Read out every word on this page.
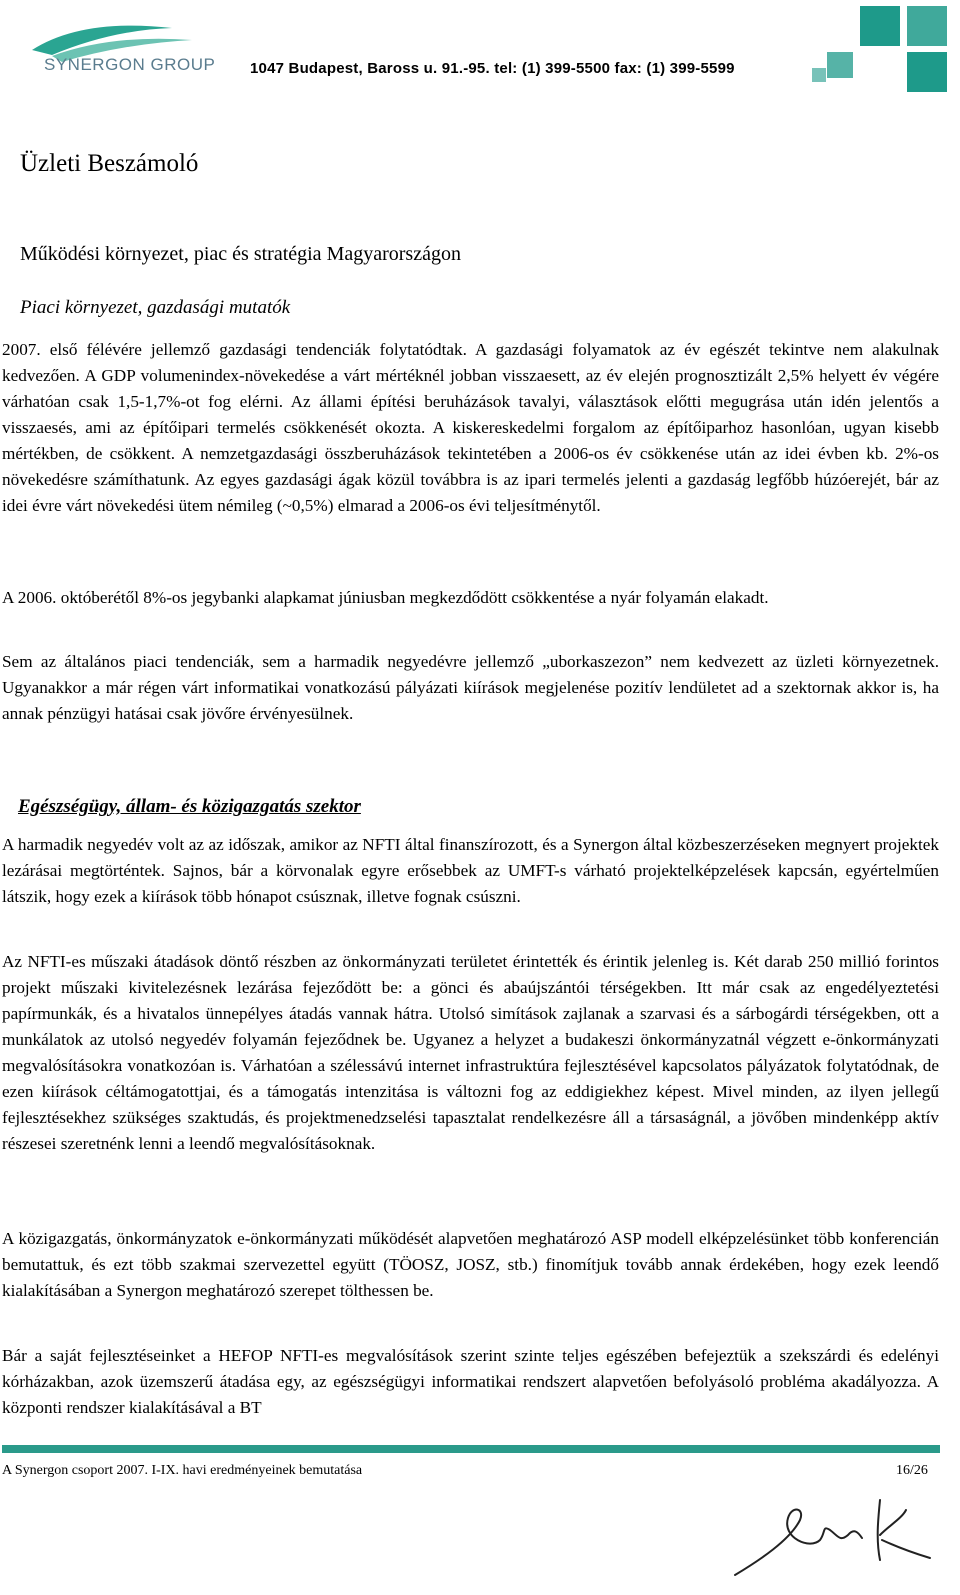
SYNERGON GROUP 1047 Budapest, Baross u. 91.-95. tel: (1) 399-5500 fax: (1) 399-5599
Üzleti Beszámoló
Működési környezet, piac és stratégia Magyarországon
Piaci környezet, gazdasági mutatók

2007. első félévére jellemző gazdasági tendenciák folytatódtak. A gazdasági folyamatok az év egészét tekintve nem alakulnak kedvezően. A GDP volumenindex-növekedése a várt mértéknél jobban visszaesett, az év elején prognosztizált 2,5% helyett év végére várhatóan csak 1,5-1,7%-ot fog elérni. Az állami építési beruházások tavalyi, választások előtti megugrása után idén jelentős a visszaesés, ami az építőipari termelés csökkenését okozta. A kiskereskedelmi forgalom az építőiparhoz hasonlóan, ugyan kisebb mértékben, de csökkent. A nemzetgazdasági összberuházások tekintetében a 2006-os év csökkenése után az idei évben kb. 2%-os növekedésre számíthatunk. Az egyes gazdasági ágak közül továbbra is az ipari termelés jelenti a gazdaság legfőbb húzóerejét, bár az idei évre várt növekedési ütem némileg (~0,5%) elmarad a 2006-os évi teljesítménytől.

A 2006. októberétől 8%-os jegybanki alapkamat júniusban megkezdődött csökkentése a nyár folyamán elakadt.

Sem az általános piaci tendenciák, sem a harmadik negyedévre jellemző „uborkaszezon” nem kedvezett az üzleti környezetnek. Ugyanakkor a már régen várt informatikai vonatkozású pályázati kiírások megjelenése pozitív lendületet ad a szektornak akkor is, ha annak pénzügyi hatásai csak jövőre érvényesülnek.

Egészségügy, állam- és közigazgatás szektor

A harmadik negyedév volt az az időszak, amikor az NFTI által finanszírozott, és a Synergon által közbeszerzéseken megnyert projektek lezárásai megtörténtek. Sajnos, bár a körvonalak egyre erősebbek az UMFT-s várható projektelképzelések kapcsán, egyértelműen látszik, hogy ezek a kiírások több hónapot csúsznak, illetve fognak csúszni.

Az NFTI-es műszaki átadások döntő részben az önkormányzati területet érintették és érintik jelenleg is. Két darab 250 millió forintos projekt műszaki kivitelezésnek lezárása fejeződött be: a gönci és abaújszántói térségekben. Itt már csak az engedélyeztetési papírmunkák, és a hivatalos ünnepélyes átadás vannak hátra. Utolsó simítások zajlanak a szarvasi és a sárbogárdi térségekben, ott a munkálatok az utolsó negyedév folyamán fejeződnek be. Ugyanez a helyzet a budakeszi önkormányzatnál végzett e-önkormányzati megvalósításokra vonatkozóan is. Várhatóan a szélessávú internet infrastruktúra fejlesztésével kapcsolatos pályázatok folytatódnak, de ezen kiírások céltámogatottjai, és a támogatás intenzitása is változni fog az eddigiekhez képest. Mivel minden, az ilyen jellegű fejlesztésekhez szükséges szaktudás, és projektmenedzselési tapasztalat rendelkezésre áll a társaságnál, a jövőben mindenképp aktív részesei szeretnénk lenni a leendő megvalósításoknak.

A közigazgatás, önkormányzatok e-önkormányzati működését alapvetően meghatározó ASP modell elképzelésünket több konferencián bemutattuk, és ezt több szakmai szervezettel együtt (TÖOSZ, JOSZ, stb.) finomítjuk tovább annak érdekében, hogy ezek leendő kialakításában a Synergon meghatározó szerepet tölthessen be.

Bár a saját fejlesztéseinket a HEFOP NFTI-es megvalósítások szerint szinte teljes egészében befejeztük a szekszárdi és edelényi kórházakban, azok üzemszerű átadása egy, az egészségügyi informatikai rendszert alapvetően befolyásoló probléma akadályozza. A központi rendszer kialakításával a BT

A Synergon csoport 2007. I-IX. havi eredményeinek bemutatása	16/26
